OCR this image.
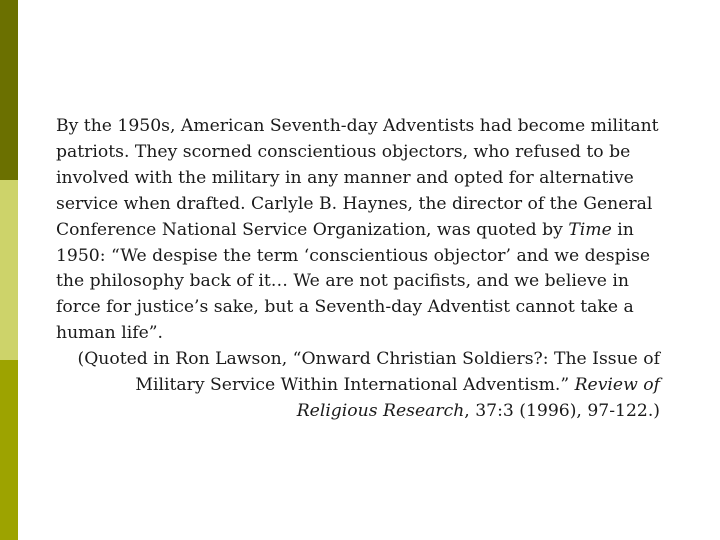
By the 1950s, American Seventh-day Adventists had become militant patriots. They scorned conscientious objectors, who refused to be involved with the military in any manner and opted for alternative service when drafted. Carlyle B. Haynes, the director of the General Conference National Service Organization, was quoted by Time in 1950: “We despise the term ‘conscientious objector’ and we despise the philosophy back of it… We are not pacifists, and we believe in force for justice’s sake, but a Seventh-day Adventist cannot take a human life”.

(Quoted in Ron Lawson, “Onward Christian Soldiers?: The Issue of Military Service Within International Adventism.” Review of Religious Research, 37:3 (1996), 97-122.)
